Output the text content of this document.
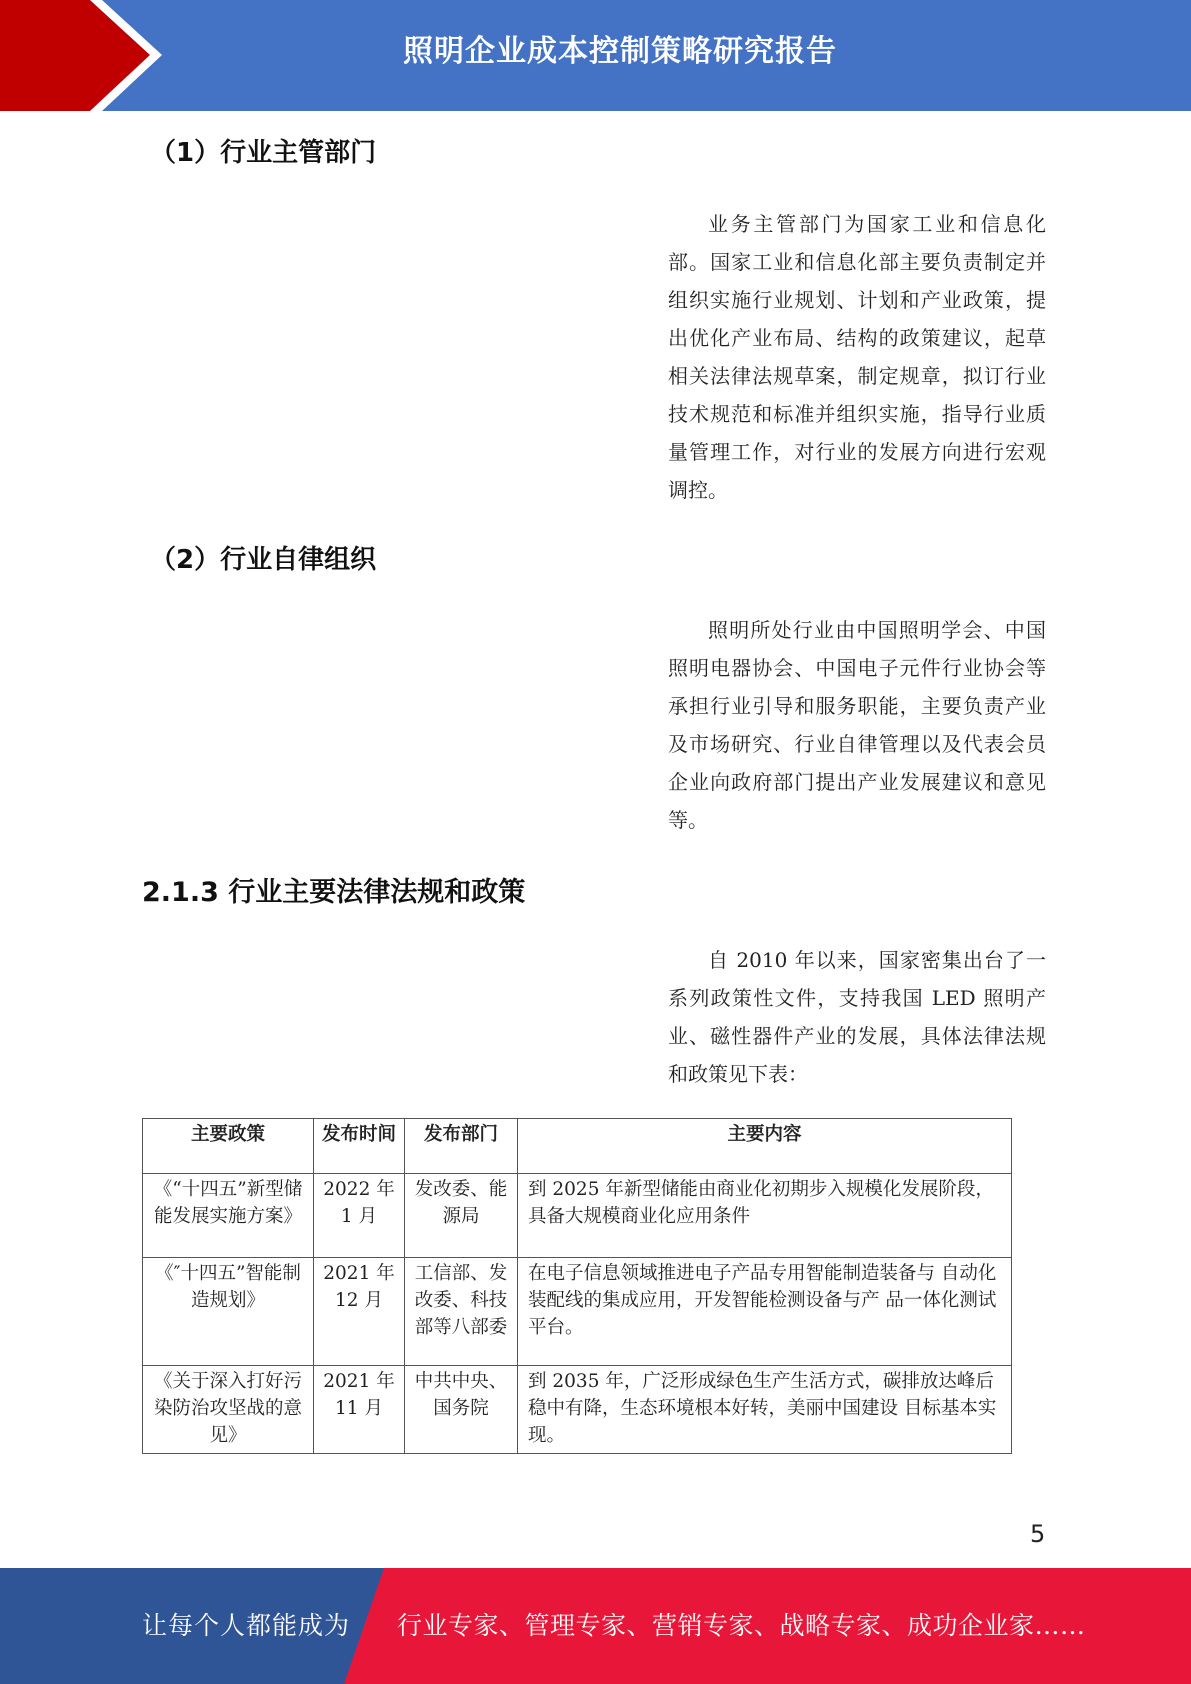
照明企业成本控制策略研究报告
（1）行业主管部门

业务主管部门为国家工业和信息化部。国家工业和信息化部主要负责制定并组织实施行业规划、计划和产业政策，提出优化产业布局、结构的政策建议，起草相关法律法规草案，制定规章，拟订行业技术规范和标准并组织实施，指导行业质量管理工作，对行业的发展方向进行宏观调控。

（2）行业自律组织

照明所处行业由中国照明学会、中国照明电器协会、中国电子元件行业协会等承担行业引导和服务职能，主要负责产业及市场研究、行业自律管理以及代表会员企业向政府部门提出产业发展建议和意见等。

2.1.3 行业主要法律法规和政策

自 2010 年以来，国家密集出台了一系列政策性文件，支持我国 LED 照明产业、磁性器件产业的发展，具体法律法规和政策见下表：

主要政策	发布时间	发布部门	主要内容
《“十四五”新型储能发展实施方案》	2022 年 1 月	发改委、能源局	到 2025 年新型储能由商业化初期步入规模化发展阶段，具备大规模商业化应用条件
《″十四五”智能制造规划》	2021 年 12 月	工信部、发改委、科技部等八部委	在电子信息领域推进电子产品专用智能制造装备与 自动化装配线的集成应用，开发智能检测设备与产 品一体化测试平台。
《关于深入打好污染防治攻坚战的意见》	2021 年 11 月	中共中央、国务院	到 2035 年，广泛形成绿色生产生活方式，碳排放达峰后稳中有降，生态环境根本好转，美丽中国建设 目标基本实现。
5
让每个人都能成为 行业专家、管理专家、营销专家、战略专家、成功企业家……
